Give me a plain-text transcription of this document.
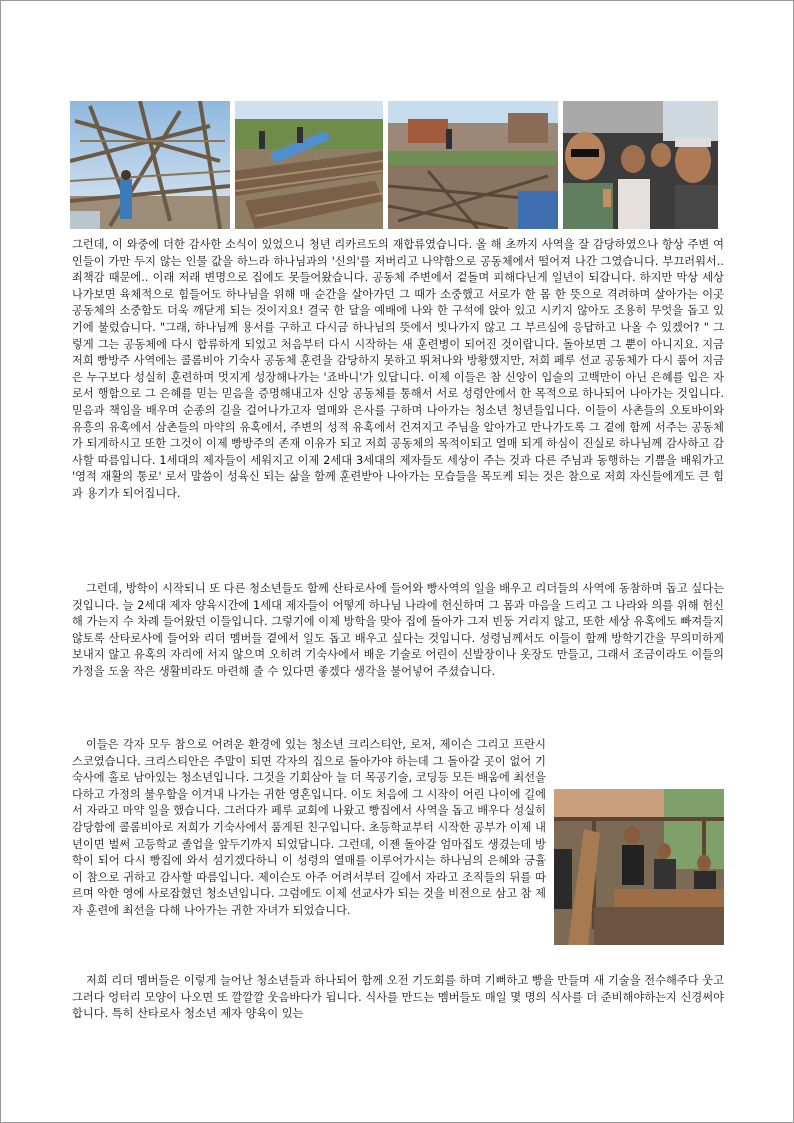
그런데, 이 와중에 더한 감사한 소식이 있었으니 청년 리카르도의 재합류였습니다. 올 해 초까지 사역을 잘 감당하였으나 항상 주변 여인들이 가만 두지 않는 인물 값을 하느라 하나님과의 '신의'를 저버리고 나약함으로 공동체에서 떨어져 나간 그였습니다. 부끄러워서.. 죄책감 때문에.. 이래 저래 변명으로 집에도 못들어왔습니다. 공동체 주변에서 겉돌며 피해다닌게 일년이 되갑니다. 하지만 막상 세상 나가보면 육체적으로 힘들어도 하나님을 위해 매 순간을 살아가던 그 때가 소중했고 서로가 한 몸 한 뜻으로 격려하며 살아가는 이곳 공동체의 소중함도 더욱 깨닫게 되는 것이지요! 결국 한 달을 예배에 나와 한 구석에 앉아 있고 시키지 않아도 조용히 무엇을 돕고 있기에 불렀습니다. "그래, 하나님께 용서를 구하고 다시금 하나님의 뜻에서 빗나가지 않고 그 부르심에 응답하고 나올 수 있겠어? " 그렇게 그는 공동체에 다시 합류하게 되었고 처음부터 다시 시작하는 새 훈련병이 되어진 것이랍니다. 돌아보면 그 뿐이 아니지요. 지금 저희 빵방주 사역에는 콜롬비아 기숙사 공동체 훈련을 감당하지 못하고 뛰쳐나와 방황했지만, 저희 페루 선교 공동체가 다시 품어 지금은 누구보다 성실히 훈련하며 멋지게 성장해나가는 '죠바니'가 있답니다. 이제 이들은 참 신앙이 입술의 고백만이 아닌 은혜를 입은 자로서 행함으로 그 은혜를 믿는 믿음을 증명해내고자 신앙 공동체를 통해서 서로 성령안에서 한 목적으로 하나되어 나아가는 것입니다. 믿음과 책임을 배우며 순종의 길을 걸어나가고자 열매와 은사를 구하며 나아가는 청소년 청년들입니다. 이들이 사촌들의 오토바이와 유흥의 유혹에서 삼촌들의 마약의 유혹에서, 주변의 성적 유혹에서 건져지고 주님을 알아가고 만나가도록 그 곁에 함께 서주는 공동체가 되게하시고 또한 그것이 이제 빵방주의 존재 이유가 되고 저희 공동체의 목적이되고 열매 되게 하심이 진실로 하나님께 감사하고 감사할 따름입니다. 1세대의 제자들이 세워지고 이제 2세대 3세대의 제자들도 세상이 주는 것과 다른 주님과 동행하는 기쁨을 배워가고 '영적 재활의 통로' 로서 말씀이 성육신 되는 삶을 함께 훈련받아 나아가는 모습들을 목도케 되는 것은 참으로 저희 자신들에게도 큰 힘과 용기가 되어집니다.

그런데, 방학이 시작되니 또 다른 청소년들도 함께 산타로사에 들어와 빵사역의 일을 배우고 리더들의 사역에 동참하며 돕고 싶다는 것입니다. 늘 2세대 제자 양육시간에 1세대 제자들이 어떻게 하나님 나라에 헌신하며 그 몸과 마음을 드리고 그 나라와 의를 위해 헌신해 가는지 수 차례 들어왔던 이들입니다. 그렇기에 이제 방학을 맞아 집에 돌아가 그저 빈둥 거리지 않고, 또한 세상 유혹에도 빠져들지 않토록 산타로사에 들어와 리더 멤버들 곁에서 일도 돕고 배우고 싶다는 것입니다. 성령님께서도 이들이 함께 방학기간을 무의미하게 보내지 않고 유혹의 자리에 서지 않으며 오히려 기숙사에서 배운 기술로 어린이 신발장이나 옷장도 만들고, 그래서 조금이라도 이들의 가정을 도울 작은 생활비라도 마련해 줄 수 있다면 좋겠다 생각을 불어넣어 주셨습니다.

이들은 각자 모두 참으로 어려운 환경에 있는 청소년 크리스티안, 로저, 제이슨 그리고 프란시스코였습니다. 크리스티안은 주말이 되면 각자의 집으로 돌아가야 하는데 그 돌아갈 곳이 없어 기숙사에 홀로 남아있는 청소년입니다. 그것을 기회삼아 늘 더 목공기술, 코딩등 모든 배움에 최선을 다하고 가정의 불우함을 이겨내 나가는 귀한 영혼입니다. 이도 처음에 그 시작이 어린 나이에 길에서 자라고 마약 일을 했습니다. 그러다가 페루 교회에 나왔고 빵집에서 사역을 돕고 배우다 성실히 감당함에 콜롬비아로 저희가 기숙사에서 품게된 친구입니다. 초등학교부터 시작한 공부가 이제 내년이면 벌써 고등학교 졸업을 앞두기까지 되었답니다. 그런데, 이젠 돌아갈 엄마집도 생겼는데 방학이 되어 다시 빵집에 와서 섬기겠다하니 이 성령의 열매를 이루어가시는 하나님의 은혜와 긍휼이 참으로 귀하고 감사할 따름입니다. 제이슨도 아주 어려서부터 길에서 자라고 조직들의 뒤를 따르며 악한 영에 사로잡혔던 청소년입니다. 그럼에도 이제 선교사가 되는 것을 비전으로 삼고 참 제자 훈련에 최선을 다해 나아가는 귀한 자녀가 되었습니다.

저희 리더 멤버들은 이렇게 늘어난 청소년들과 하나되어 함께 오전 기도회를 하며 기뻐하고 빵을 만들며 새 기술을 전수해주다 웃고 그러다 엉터리 모양이 나오면 또 깔깔깔 웃음바다가 됩니다. 식사를 만드는 멤버들도 매일 몇 명의 식사를 더 준비해야하는지 신경써야 합니다. 특히 산타로사 청소년 제자 양육이 있는
